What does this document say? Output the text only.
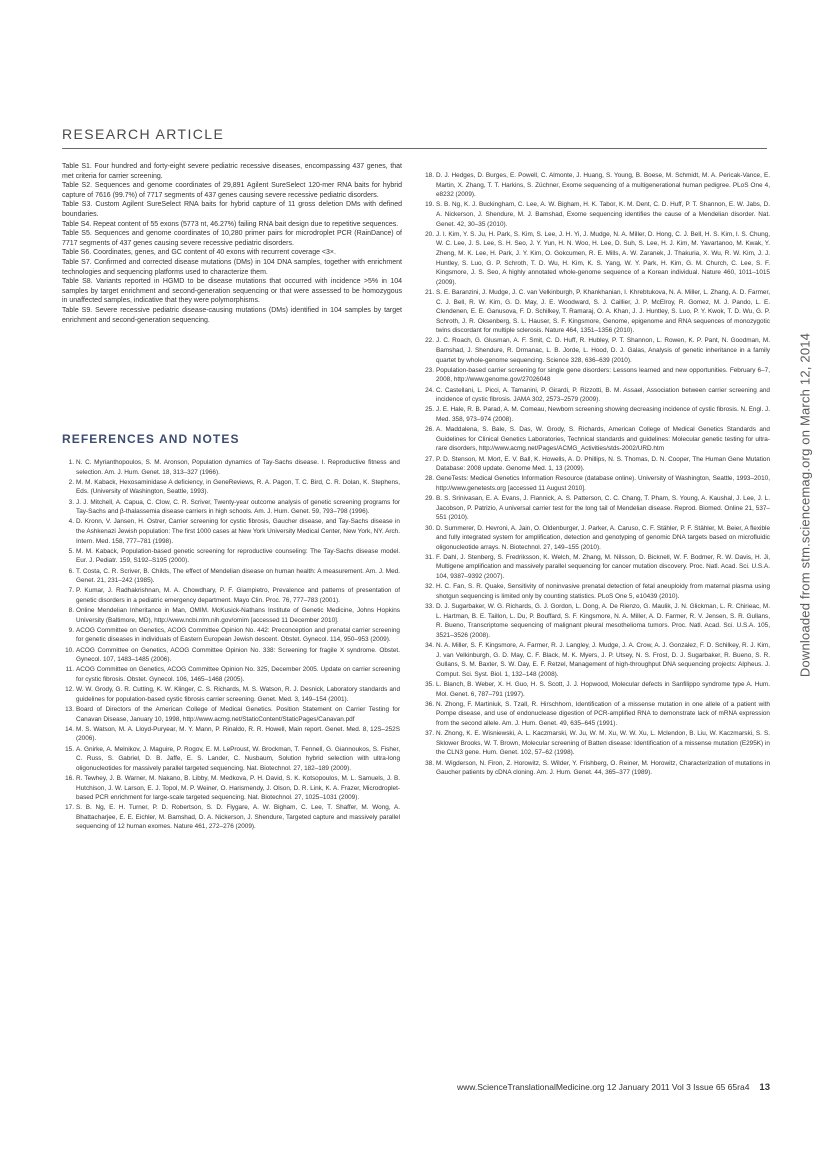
RESEARCH ARTICLE

Table S1. Four hundred and forty-eight severe pediatric recessive diseases, encompassing 437 genes, that met criteria for carrier screening.

Table S2. Sequences and genome coordinates of 29,891 Agilent SureSelect 120-mer RNA baits for hybrid capture of 7616 (99.7%) of 7717 segments of 437 genes causing severe recessive pediatric disorders.

Table S3. Custom Agilent SureSelect RNA baits for hybrid capture of 11 gross deletion DMs with defined boundaries.

Table S4. Repeat content of 55 exons (5773 nt, 46.27%) failing RNA bait design due to repetitive sequences.

Table S5. Sequences and genome coordinates of 10,280 primer pairs for microdroplet PCR (RainDance) of 7717 segments of 437 genes causing severe recessive pediatric disorders.

Table S6. Coordinates, genes, and GC content of 40 exons with recurrent coverage <3×.

Table S7. Confirmed and corrected disease mutations (DMs) in 104 DNA samples, together with enrichment technologies and sequencing platforms used to characterize them.

Table S8. Variants reported in HGMD to be disease mutations that occurred with incidence >5% in 104 samples by target enrichment and second-generation sequencing or that were assessed to be homozygous in unaffected samples, indicative that they were polymorphisms.

Table S9. Severe recessive pediatric disease-causing mutations (DMs) identified in 104 samples by target enrichment and second-generation sequencing.

REFERENCES AND NOTES
1. N. C. Myrianthopoulos, S. M. Aronson, Population dynamics of Tay-Sachs disease. I. Reproductive fitness and selection. Am. J. Hum. Genet. 18, 313–327 (1966).
2. M. M. Kaback, Hexosaminidase A deficiency, in GeneReviews, R. A. Pagon, T. C. Bird, C. R. Dolan, K. Stephens, Eds. (University of Washington, Seattle, 1993).
3. J. J. Mitchell, A. Capua, C. Clow, C. R. Scriver, Twenty-year outcome analysis of genetic screening programs for Tay-Sachs and β-thalassemia disease carriers in high schools. Am. J. Hum. Genet. 59, 793–798 (1996).
4. D. Kronn, V. Jansen, H. Ostrer, Carrier screening for cystic fibrosis, Gaucher disease, and Tay-Sachs disease in the Ashkenazi Jewish population: The first 1000 cases at New York University Medical Center, New York, NY. Arch. Intern. Med. 158, 777–781 (1998).
5. M. M. Kaback, Population-based genetic screening for reproductive counseling: The Tay-Sachs disease model. Eur. J. Pediatr. 159, S192–S195 (2000).
6. T. Costa, C. R. Scriver, B. Childs, The effect of Mendelian disease on human health: A measurement. Am. J. Med. Genet. 21, 231–242 (1985).
7. P. Kumar, J. Radhakrishnan, M. A. Chowdhary, P. F. Giampietro, Prevalence and patterns of presentation of genetic disorders in a pediatric emergency department. Mayo Clin. Proc. 76, 777–783 (2001).
8. Online Mendelian Inheritance in Man, OMIM. McKusick-Nathans Institute of Genetic Medicine, Johns Hopkins University (Baltimore, MD), http://www.ncbi.nlm.nih.gov/omim [accessed 11 December 2010].
9. ACOG Committee on Genetics, ACOG Committee Opinion No. 442: Preconception and prenatal carrier screening for genetic diseases in individuals of Eastern European Jewish descent. Obstet. Gynecol. 114, 950–953 (2009).
10. ACOG Committee on Genetics, ACOG Committee Opinion No. 338: Screening for fragile X syndrome. Obstet. Gynecol. 107, 1483–1485 (2006).
11. ACOG Committee on Genetics, ACOG Committee Opinion No. 325, December 2005. Update on carrier screening for cystic fibrosis. Obstet. Gynecol. 106, 1465–1468 (2005).
12. W. W. Grody, G. R. Cutting, K. W. Klinger, C. S. Richards, M. S. Watson, R. J. Desnick, Laboratory standards and guidelines for population-based cystic fibrosis carrier screening. Genet. Med. 3, 149–154 (2001).
13. Board of Directors of the American College of Medical Genetics. Position Statement on Carrier Testing for Canavan Disease, January 10, 1998, http://www.acmg.net/StaticContent/StaticPages/Canavan.pdf
14. M. S. Watson, M. A. Lloyd-Puryear, M. Y. Mann, P. Rinaldo, R. R. Howell, Main report. Genet. Med. 8, 12S–252S (2006).
15. A. Gnirke, A. Melnikov, J. Maguire, P. Rogov, E. M. LeProust, W. Brockman, T. Fennell, G. Giannoukos, S. Fisher, C. Russ, S. Gabriel, D. B. Jaffe, E. S. Lander, C. Nusbaum, Solution hybrid selection with ultra-long oligonucleotides for massively parallel targeted sequencing. Nat. Biotechnol. 27, 182–189 (2009).
16. R. Tewhey, J. B. Warner, M. Nakano, B. Libby, M. Medkova, P. H. David, S. K. Kotsopoulos, M. L. Samuels, J. B. Hutchison, J. W. Larson, E. J. Topol, M. P. Weiner, O. Harismendy, J. Olson, D. R. Link, K. A. Frazer, Microdroplet-based PCR enrichment for large-scale targeted sequencing. Nat. Biotechnol. 27, 1025–1031 (2009).
17. S. B. Ng, E. H. Turner, P. D. Robertson, S. D. Flygare, A. W. Bigham, C. Lee, T. Shaffer, M. Wong, A. Bhattacharjee, E. E. Eichler, M. Bamshad, D. A. Nickerson, J. Shendure, Targeted capture and massively parallel sequencing of 12 human exomes. Nature 461, 272–276 (2009).
18. D. J. Hedges, D. Burges, E. Powell, C. Almonte, J. Huang, S. Young, B. Boese, M. Schmidt, M. A. Pericak-Vance, E. Martin, X. Zhang, T. T. Harkins, S. Züchner, Exome sequencing of a multigenerational human pedigree. PLoS One 4, e8232 (2009).
19. S. B. Ng, K. J. Buckingham, C. Lee, A. W. Bigham, H. K. Tabor, K. M. Dent, C. D. Huff, P. T. Shannon, E. W. Jabs, D. A. Nickerson, J. Shendure, M. J. Bamshad, Exome sequencing identifies the cause of a Mendelian disorder. Nat. Genet. 42, 30–35 (2010).
20. J. I. Kim, Y. S. Ju, H. Park, S. Kim, S. Lee, J. H. Yi, J. Mudge, N. A. Miller, D. Hong, C. J. Bell, H. S. Kim, I. S. Chung, W. C. Lee, J. S. Lee, S. H. Seo, J. Y. Yun, H. N. Woo, H. Lee, D. Suh, S. Lee, H. J. Kim, M. Yavartanoo, M. Kwak, Y. Zheng, M. K. Lee, H. Park, J. Y. Kim, O. Gokcumen, R. E. Mills, A. W. Zaranek, J. Thakuria, X. Wu, R. W. Kim, J. J. Huntley, S. Luo, G. P. Schroth, T. D. Wu, H. Kim, K. S. Yang, W. Y. Park, H. Kim, G. M. Church, C. Lee, S. F. Kingsmore, J. S. Seo, A highly annotated whole-genome sequence of a Korean individual. Nature 460, 1011–1015 (2009).
21. S. E. Baranzini, J. Mudge, J. C. van Velkinburgh, P. Khankhanian, I. Khrebtukova, N. A. Miller, L. Zhang, A. D. Farmer, C. J. Bell, R. W. Kim, G. D. May, J. E. Woodward, S. J. Caillier, J. P. McElroy, R. Gomez, M. J. Pando, L. E. Clendenen, E. E. Ganusova, F. D. Schilkey, T. Ramaraj, O. A. Khan, J. J. Huntley, S. Luo, P. Y. Kwok, T. D. Wu, G. P. Schroth, J. R. Oksenberg, S. L. Hauser, S. F. Kingsmore, Genome, epigenome and RNA sequences of monozygotic twins discordant for multiple sclerosis. Nature 464, 1351–1356 (2010).
22. J. C. Roach, G. Glusman, A. F. Smit, C. D. Huff, R. Hubley, P. T. Shannon, L. Rowen, K. P. Pant, N. Goodman, M. Bamshad, J. Shendure, R. Drmanac, L. B. Jorde, L. Hood, D. J. Galas, Analysis of genetic inheritance in a family quartet by whole-genome sequencing. Science 328, 636–639 (2010).
23. Population-based carrier screening for single gene disorders: Lessons learned and new opportunities. February 6–7, 2008, http://www.genome.gov/27026048
24. C. Castellani, L. Picci, A. Tamanini, P. Girardi, P. Rizzotti, B. M. Assael, Association between carrier screening and incidence of cystic fibrosis. JAMA 302, 2573–2579 (2009).
25. J. E. Hale, R. B. Parad, A. M. Comeau, Newborn screening showing decreasing incidence of cystic fibrosis. N. Engl. J. Med. 358, 973–974 (2008).
26. A. Maddalena, S. Bale, S. Das, W. Grody, S. Richards, American College of Medical Genetics Standards and Guidelines for Clinical Genetics Laboratories, Technical standards and guidelines: Molecular genetic testing for ultra-rare disorders, http://www.acmg.net/Pages/ACMG_Activities/stds-2002/URD.htm
27. P. D. Stenson, M. Mort, E. V. Ball, K. Howells, A. D. Phillips, N. S. Thomas, D. N. Cooper, The Human Gene Mutation Database: 2008 update. Genome Med. 1, 13 (2009).
28. GeneTests: Medical Genetics Information Resource (database online). University of Washington, Seattle, 1993–2010, http://www.genetests.org [accessed 11 August 2010].
29. B. S. Srinivasan, E. A. Evans, J. Flannick, A. S. Patterson, C. C. Chang, T. Pham, S. Young, A. Kaushal, J. Lee, J. L. Jacobson, P. Patrizio, A universal carrier test for the long tail of Mendelian disease. Reprod. Biomed. Online 21, 537–551 (2010).
30. D. Summerer, D. Hevroni, A. Jain, O. Oldenburger, J. Parker, A. Caruso, C. F. Stähler, P. F. Stähler, M. Beier, A flexible and fully integrated system for amplification, detection and genotyping of genomic DNA targets based on microfluidic oligonucleotide arrays. N. Biotechnol. 27, 149–155 (2010).
31. F. Dahl, J. Stenberg, S. Fredriksson, K. Welch, M. Zhang, M. Nilsson, D. Bicknell, W. F. Bodmer, R. W. Davis, H. Ji, Multigene amplification and massively parallel sequencing for cancer mutation discovery. Proc. Natl. Acad. Sci. U.S.A. 104, 9387–9392 (2007).
32. H. C. Fan, S. R. Quake, Sensitivity of noninvasive prenatal detection of fetal aneuploidy from maternal plasma using shotgun sequencing is limited only by counting statistics. PLoS One 5, e10439 (2010).
33. D. J. Sugarbaker, W. G. Richards, G. J. Gordon, L. Dong, A. De Rienzo, G. Maulik, J. N. Glickman, L. R. Chirieac, M. L. Hartman, B. E. Taillon, L. Du, P. Bouffard, S. F. Kingsmore, N. A. Miller, A. D. Farmer, R. V. Jensen, S. R. Gullans, R. Bueno, Transcriptome sequencing of malignant pleural mesothelioma tumors. Proc. Natl. Acad. Sci. U.S.A. 105, 3521–3526 (2008).
34. N. A. Miller, S. F. Kingsmore, A. Farmer, R. J. Langley, J. Mudge, J. A. Crow, A. J. Gonzalez, F. D. Schilkey, R. J. Kim, J. van Velkinburgh, G. D. May, C. F. Black, M. K. Myers, J. P. Utsey, N. S. Frost, D. J. Sugarbaker, R. Bueno, S. R. Gullans, S. M. Baxter, S. W. Day, E. F. Retzel, Management of high-throughput DNA sequencing projects: Alpheus. J. Comput. Sci. Syst. Biol. 1, 132–148 (2008).
35. L. Blanch, B. Weber, X. H. Guo, H. S. Scott, J. J. Hopwood, Molecular defects in Sanfilippo syndrome type A. Hum. Mol. Genet. 6, 787–791 (1997).
36. N. Zhong, F. Martiniuk, S. Tzall, R. Hirschhorn, Identification of a missense mutation in one allele of a patient with Pompe disease, and use of endonuclease digestion of PCR-amplified RNA to demonstrate lack of mRNA expression from the second allele. Am. J. Hum. Genet. 49, 635–645 (1991).
37. N. Zhong, K. E. Wisniewski, A. L. Kaczmarski, W. Ju, W. M. Xu, W. W. Xu, L. Mclendon, B. Liu, W. Kaczmarski, S. S. Sklower Brooks, W. T. Brown, Molecular screening of Batten disease: Identification of a missense mutation (E295K) in the CLN3 gene. Hum. Genet. 102, 57–62 (1998).
38. M. Wigderson, N. Firon, Z. Horowitz, S. Wilder, Y. Frishberg, O. Reiner, M. Horowitz, Characterization of mutations in Gaucher patients by cDNA cloning. Am. J. Hum. Genet. 44, 365–377 (1989).
Downloaded from stm.sciencemag.org on March 12, 2014
www.ScienceTranslationalMedicine.org 12 January 2011 Vol 3 Issue 65 65ra4 13
